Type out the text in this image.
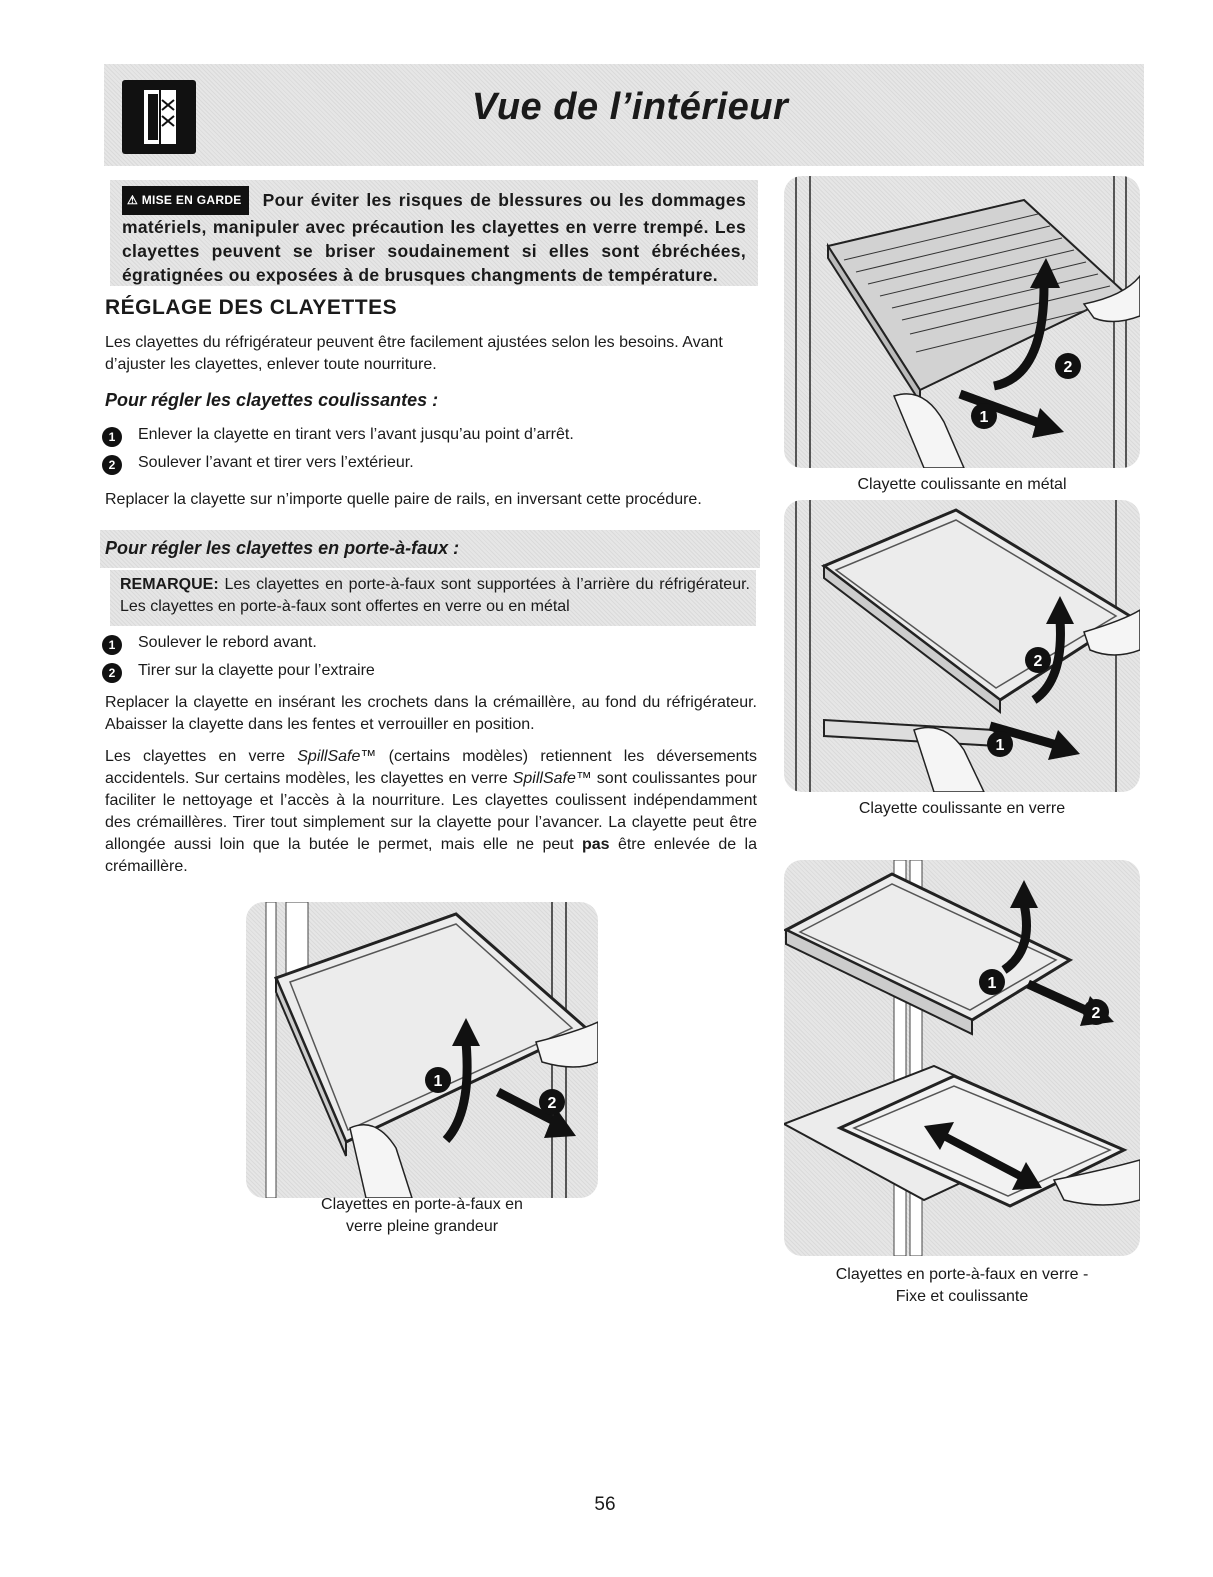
Vue de l’intérieur
⚠ MISE EN GARDE Pour éviter les risques de blessures ou les dommages matériels, manipuler avec précaution les clayettes en verre trempé. Les clayettes peuvent se briser soudainement si elles sont ébréchées, égratignées ou exposées à de brusques changments de température.
RÉGLAGE DES CLAYETTES
Les clayettes du réfrigérateur peuvent être facilement ajustées selon les besoins. Avant d’ajuster les clayettes, enlever toute nourriture.
Pour régler les clayettes coulissantes :
1 Enlever la clayette en tirant vers l’avant jusqu’au point d’arrêt.
2 Soulever l’avant et tirer vers l’extérieur.
Replacer la clayette sur n’importe quelle paire de rails, en inversant cette procédure.
Pour régler les clayettes en porte-à-faux :
REMARQUE: Les clayettes en porte-à-faux sont supportées à l’arrière du réfrigérateur. Les clayettes en porte-à-faux sont offertes en verre ou en métal
1 Soulever le rebord avant.
2 Tirer sur la clayette pour l’extraire
Replacer la clayette en insérant les crochets dans la crémaillère, au fond du réfrigérateur. Abaisser la clayette dans les fentes et verrouiller en position.
Les clayettes en verre SpillSafe™ (certains modèles) retiennent les déversements accidentels. Sur certains modèles, les clayettes en verre SpillSafe™ sont coulissantes pour faciliter le nettoyage et l’accès à la nourriture. Les clayettes coulissent indépendamment des crémaillères. Tirer tout simplement sur la clayette pour l’avancer. La clayette peut être allongée aussi loin que la butée le permet, mais elle ne peut pas être enlevée de la crémaillère.
1
2
Clayette coulissante en métal
1
2
Clayette coulissante en verre
1
2
Clayettes en porte-à-faux en
verre pleine grandeur
1
2
Clayettes en porte-à-faux en verre -
Fixe et coulissante
56
